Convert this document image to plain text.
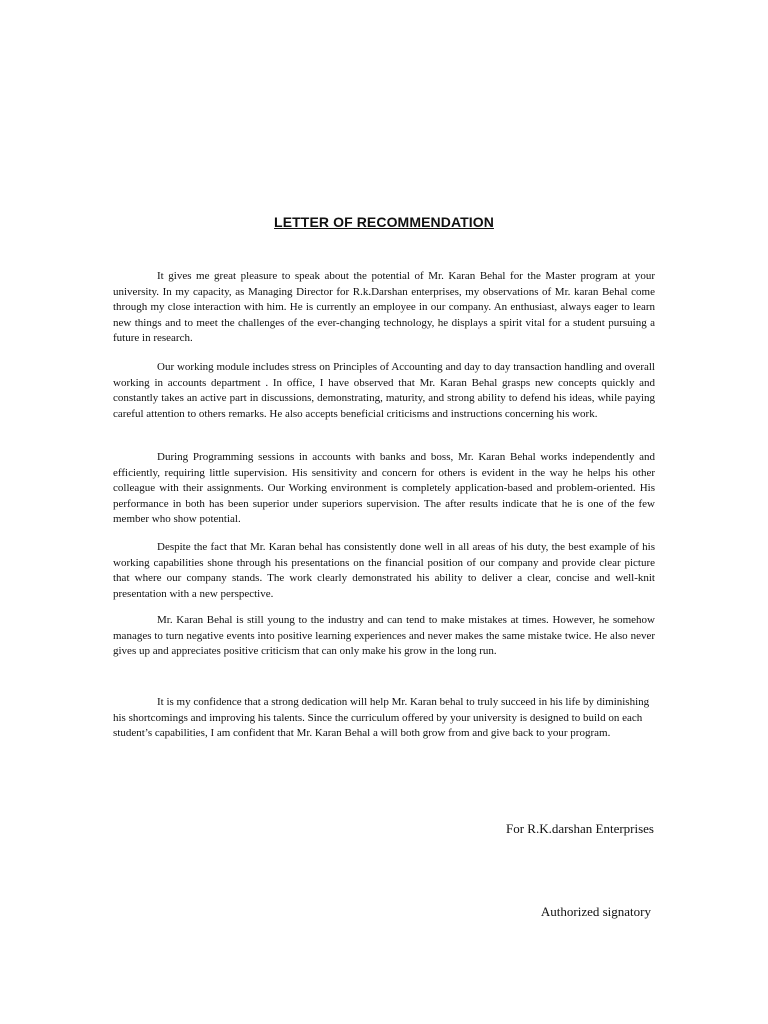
LETTER OF RECOMMENDATION

It gives me great pleasure to speak about the potential of Mr. Karan Behal for the Master program at your university. In my capacity, as Managing Director for R.k.Darshan enterprises, my observations of Mr. karan Behal come through my close interaction with him. He is currently an employee in our company. An enthusiast, always eager to learn new things and to meet the challenges of the ever-changing technology, he displays a spirit vital for a student pursuing a future in research.

Our working module includes stress on Principles of Accounting and day to day transaction handling and overall working in accounts department . In office, I have observed that Mr. Karan Behal grasps new concepts quickly and constantly takes an active part in discussions, demonstrating, maturity, and strong ability to defend his ideas, while paying careful attention to others remarks. He also accepts beneficial criticisms and instructions concerning his work.

During Programming sessions in accounts with banks and boss, Mr. Karan Behal works independently and efficiently, requiring little supervision. His sensitivity and concern for others is evident in the way he helps his other colleague with their assignments. Our Working environment is completely application-based and problem-oriented. His performance in both has been superior under superiors supervision. The after results indicate that he is one of the few member who show potential.

Despite the fact that Mr. Karan behal has consistently done well in all areas of his duty, the best example of his working capabilities shone through his presentations on the financial position of our company and provide clear picture that where our company stands. The work clearly demonstrated his ability to deliver a clear, concise and well-knit presentation with a new perspective.

Mr. Karan Behal is still young to the industry and can tend to make mistakes at times. However, he somehow manages to turn negative events into positive learning experiences and never makes the same mistake twice. He also never gives up and appreciates positive criticism that can only make his grow in the long run.

It is my confidence that a strong dedication will help Mr. Karan behal to truly succeed in his life by diminishing his shortcomings and improving his talents. Since the curriculum offered by your university is designed to build on each student’s capabilities, I am confident that Mr. Karan Behal a will both grow from and give back to your program.

For R.K.darshan Enterprises

Authorized signatory
